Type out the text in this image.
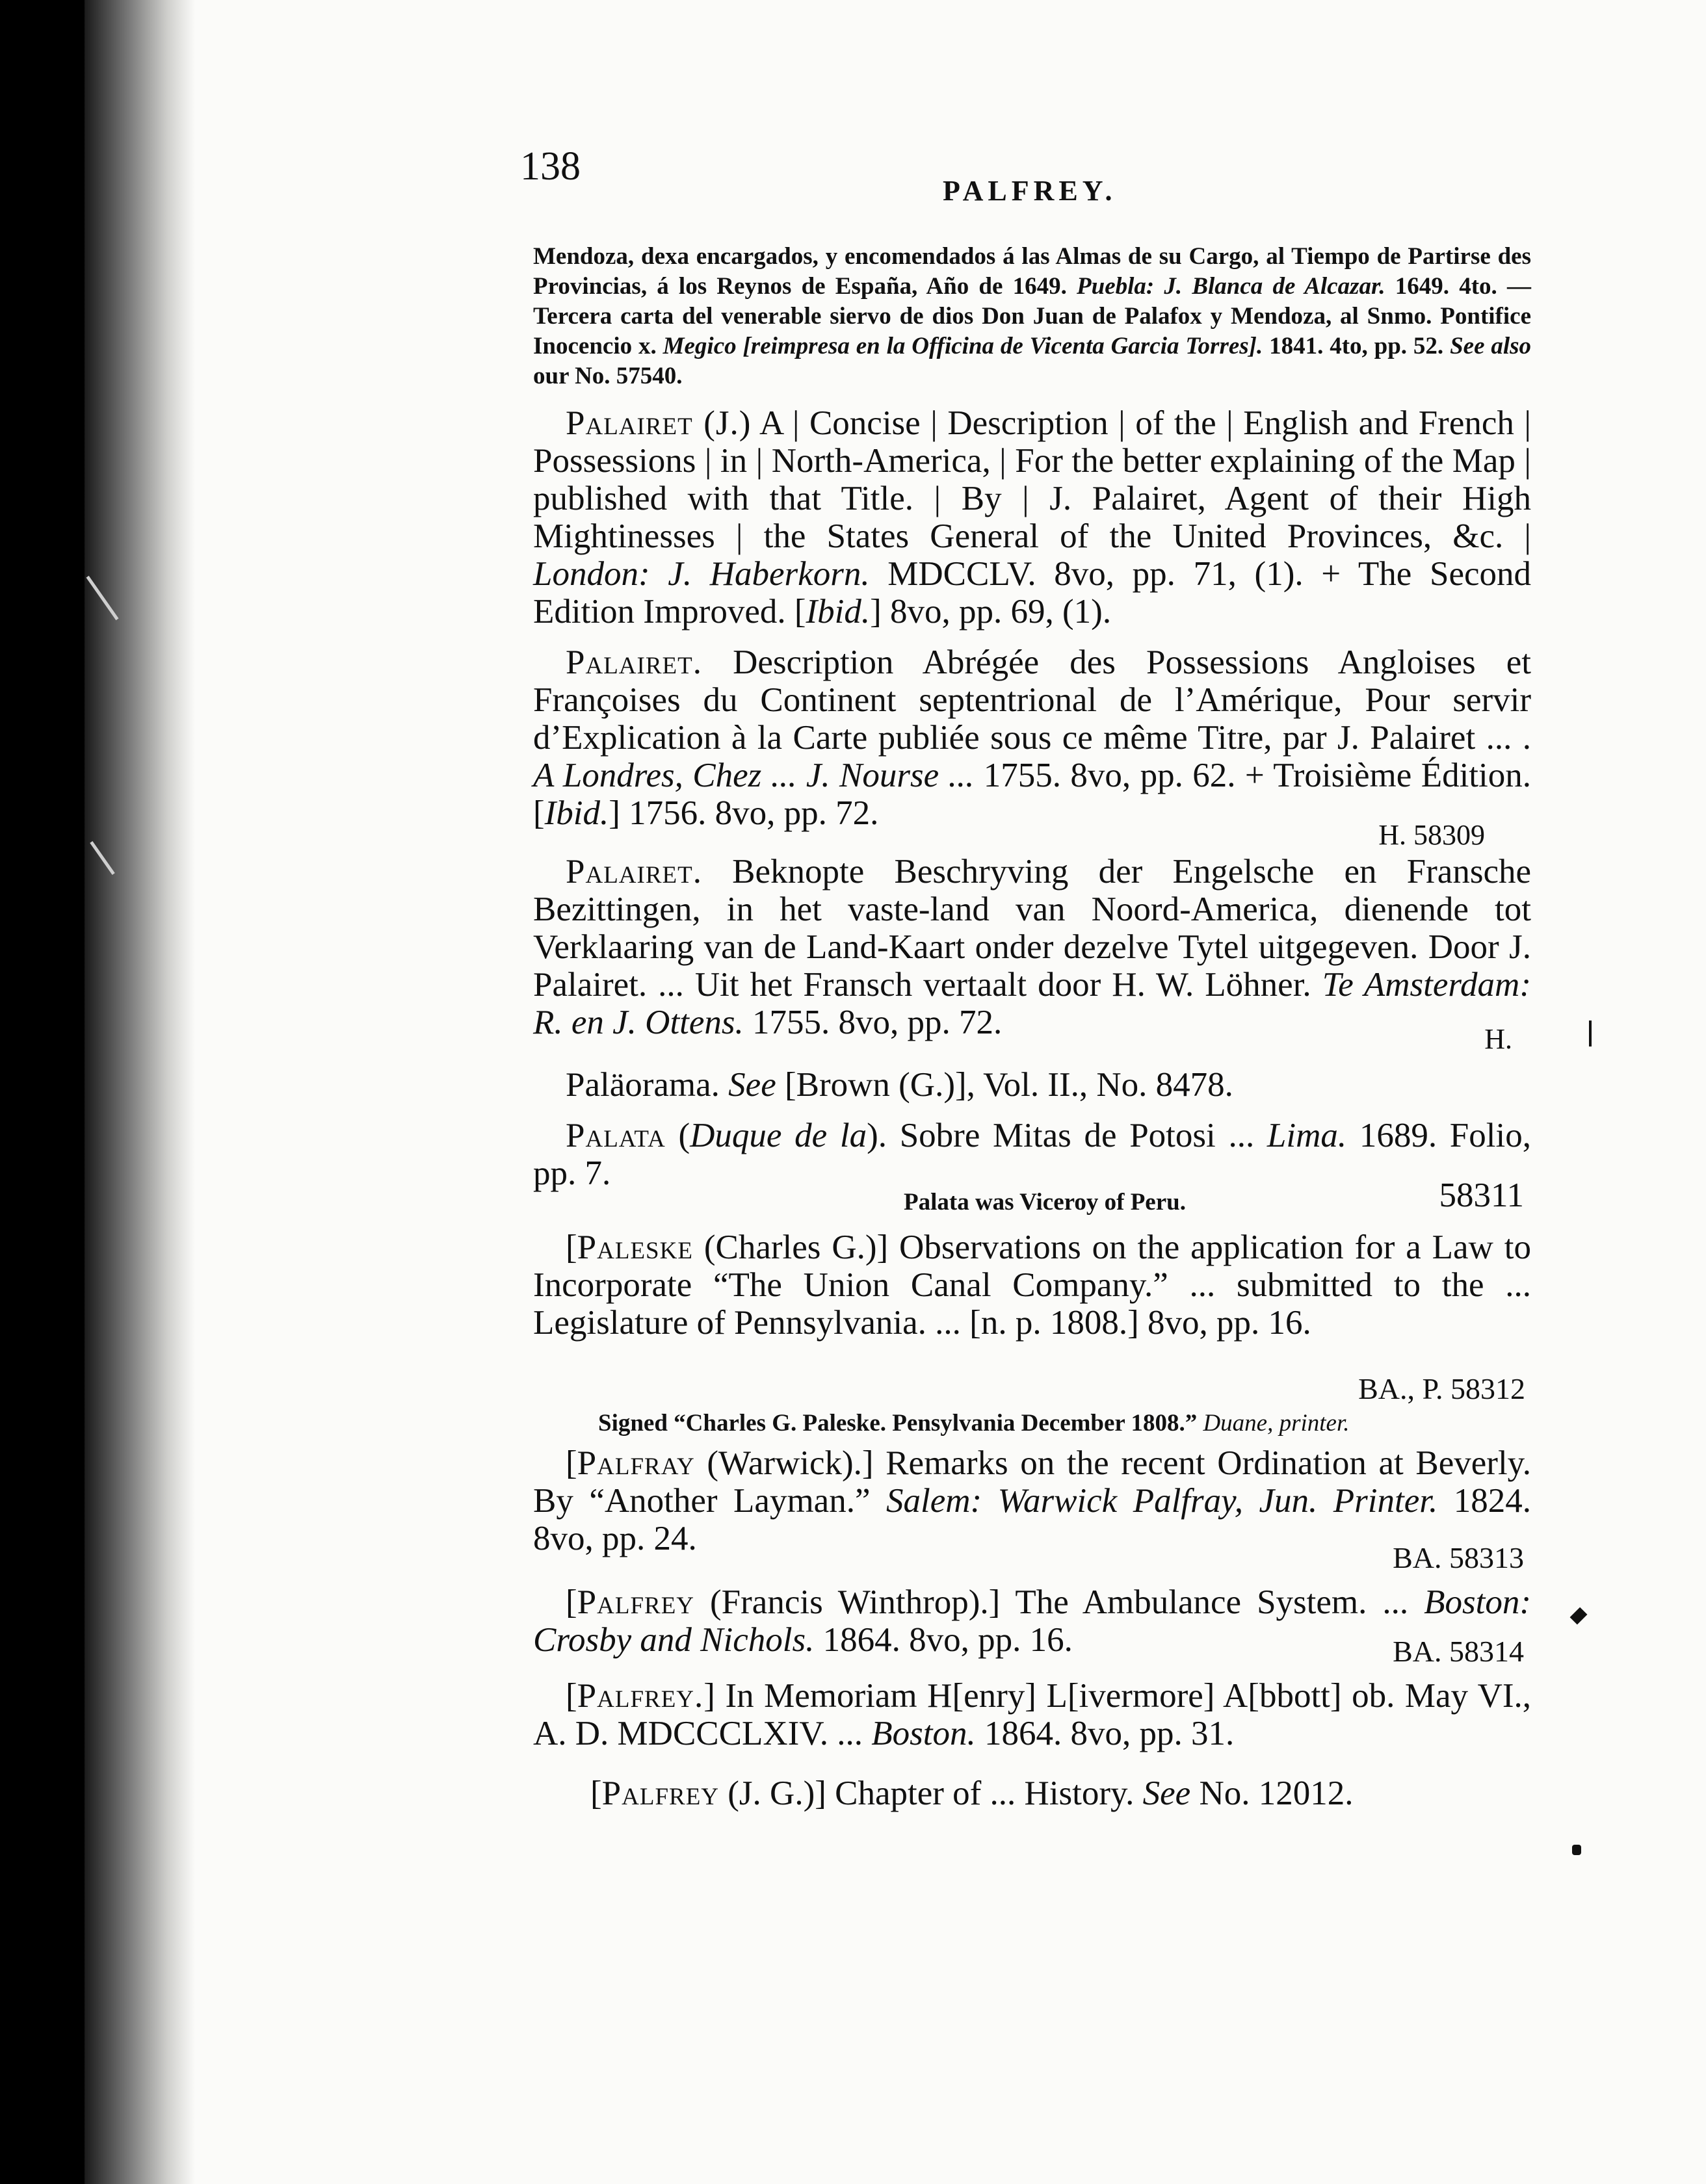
138
PALFREY.

Mendoza, dexa encargados, y encomendados á las Almas de su Cargo, al Tiempo de Partirse des Provincias, á los Reynos de España, Año de 1649. Puebla: J. Blanca de Alcazar. 1649. 4to. — Tercera carta del venerable siervo de dios Don Juan de Palafox y Mendoza, al Snmo. Pontifice Inocencio x. Megico [reimpresa en la Officina de Vicenta Garcia Torres]. 1841. 4to, pp. 52. See also our No. 57540.

Palairet (J.) A | Concise | Description | of the | English and French | Possessions | in | North-America, | For the better explaining of the Map | published with that Title. | By | J. Palairet, Agent of their High Mightinesses | the States General of the United Provinces, &c. | London: J. Haberkorn. MDCCLV. 8vo, pp. 71, (1). + The Second Edition Improved. [Ibid.] 8vo, pp. 69, (1).

Palairet. Description Abrégée des Possessions Angloises et Françoises du Continent septentrional de l’Amérique, Pour servir d’Explication à la Carte publiée sous ce même Titre, par J. Palairet ... . A Londres, Chez ... J. Nourse ... 1755. 8vo, pp. 62. + Troisième Édition. [Ibid.] 1756. 8vo, pp. 72.

H. 58309

Palairet. Beknopte Beschryving der Engelsche en Fransche Bezittingen, in het vaste-land van Noord-America, dienende tot Verklaaring van de Land-Kaart onder dezelve Tytel uitgegeven. Door J. Palairet. ... Uit het Fransch vertaalt door H. W. Löhner. Te Amsterdam: R. en J. Ottens. 1755. 8vo, pp. 72.	H.

Paläorama. See [Brown (G.)], Vol. II., No. 8478.

Palata (Duque de la). Sobre Mitas de Potosi ... Lima. 1689. Folio, pp. 7.

Palata was Viceroy of Peru.	58311

[Paleske (Charles G.)] Observations on the application for a Law to Incorporate “The Union Canal Company.” ... submitted to the ... Legislature of Pennsylvania. ... [n. p. 1808.] 8vo, pp. 16.

BA., P. 58312

Signed “Charles G. Paleske. Pensylvania December 1808.” Duane, printer.

[Palfray (Warwick).] Remarks on the recent Ordination at Beverly. By “Another Layman.” Salem: Warwick Palfray, Jun. Printer. 1824. 8vo, pp. 24.

BA. 58313

[Palfrey (Francis Winthrop).] The Ambulance System. ... Boston: Crosby and Nichols. 1864. 8vo, pp. 16.	BA. 58314

[Palfrey.] In Memoriam H[enry] L[ivermore] A[bbott] ob. May VI., A. D. MDCCCLXIV. ... Boston. 1864. 8vo, pp. 31.

[Palfrey (J. G.)] Chapter of ... History. See No. 12012.
